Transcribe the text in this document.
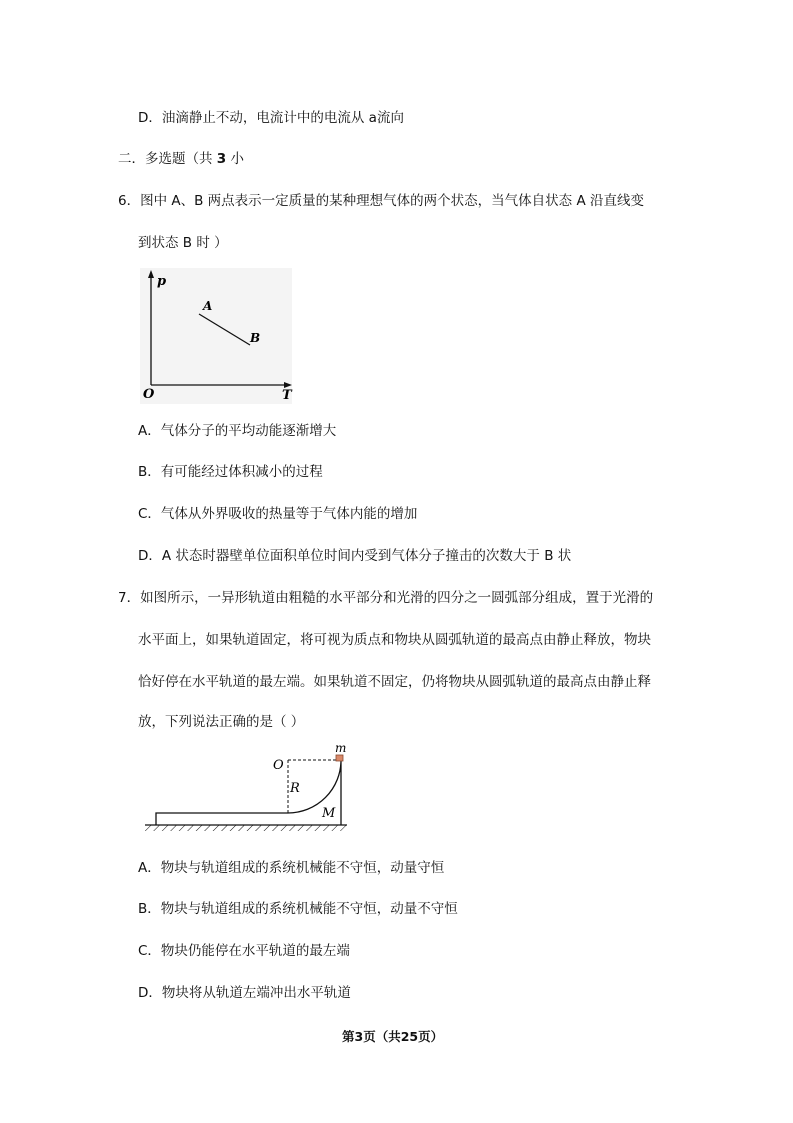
D．油滴静止不动，电流计中的电流从 a流向
二．多选题（共 3 小
6．图中 A、B 两点表示一定质量的某种理想气体的两个状态，当气体自状态 A 沿直线变
到状态 B 时 ）
p
T
O
A
B
A．气体分子的平均动能逐渐增大
B．有可能经过体积减小的过程
C．气体从外界吸收的热量等于气体内能的增加
D．A 状态时器壁单位面积单位时间内受到气体分子撞击的次数大于 B 状
7．如图所示，一异形轨道由粗糙的水平部分和光滑的四分之一圆弧部分组成，置于光滑的
水平面上，如果轨道固定，将可视为质点和物块从圆弧轨道的最高点由静止释放，物块
恰好停在水平轨道的最左端。如果轨道不固定，仍将物块从圆弧轨道的最高点由静止释
放，下列说法正确的是（ ）
O
m
R
M
A．物块与轨道组成的系统机械能不守恒，动量守恒
B．物块与轨道组成的系统机械能不守恒，动量不守恒
C．物块仍能停在水平轨道的最左端
D．物块将从轨道左端冲出水平轨道
第3页（共25页）
